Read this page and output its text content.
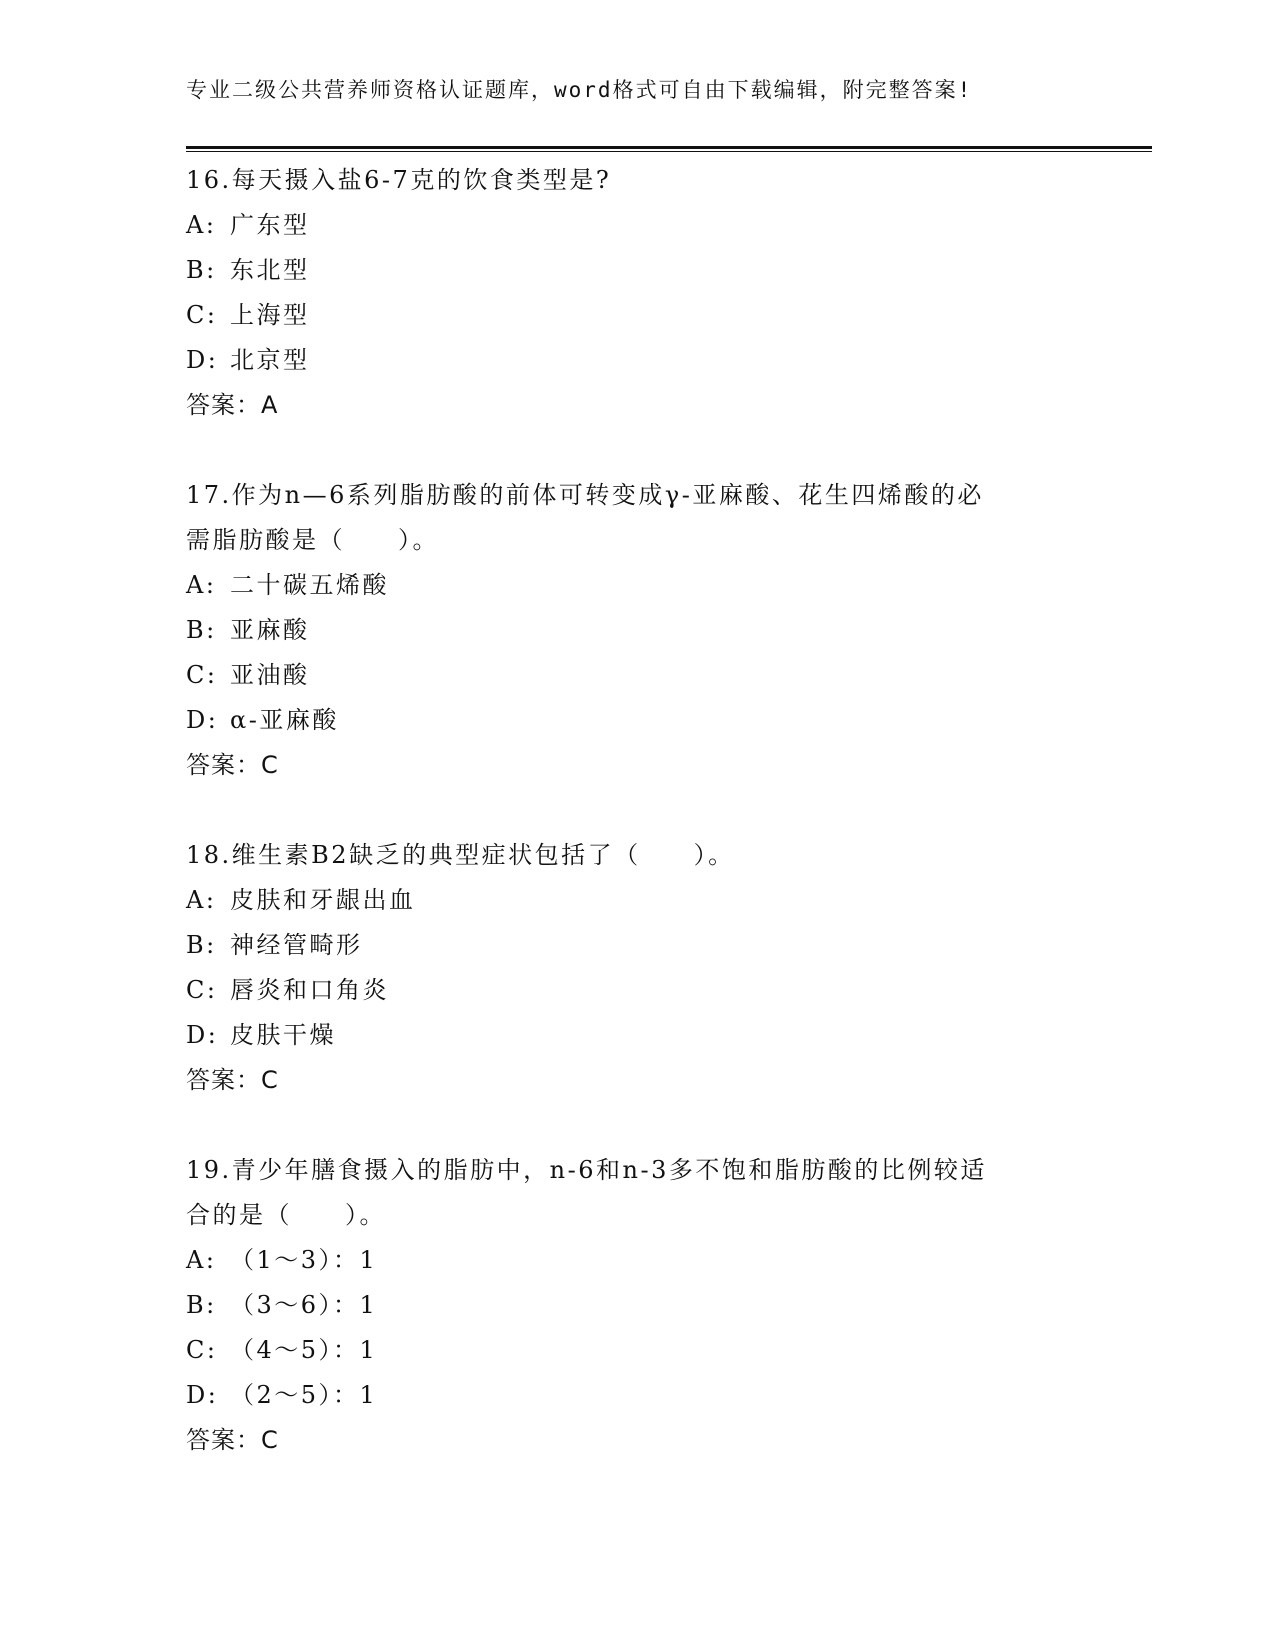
专业二级公共营养师资格认证题库，word格式可自由下载编辑，附完整答案!

16.每天摄入盐6-7克的饮食类型是?

A: 广东型

B: 东北型

C: 上海型

D: 北京型

答案：A

17.作为n—6系列脂肪酸的前体可转变成γ-亚麻酸、花生四烯酸的必

需脂肪酸是（　　）。

A: 二十碳五烯酸

B: 亚麻酸

C: 亚油酸

D: α-亚麻酸

答案：C

18.维生素B2缺乏的典型症状包括了（　　）。

A: 皮肤和牙龈出血

B: 神经管畸形

C: 唇炎和口角炎

D: 皮肤干燥

答案：C

19.青少年膳食摄入的脂肪中，n-6和n-3多不饱和脂肪酸的比例较适

合的是（　　）。

A: （1～3）：1

B: （3～6）：1

C: （4～5）：1

D: （2～5）：1

答案：C
